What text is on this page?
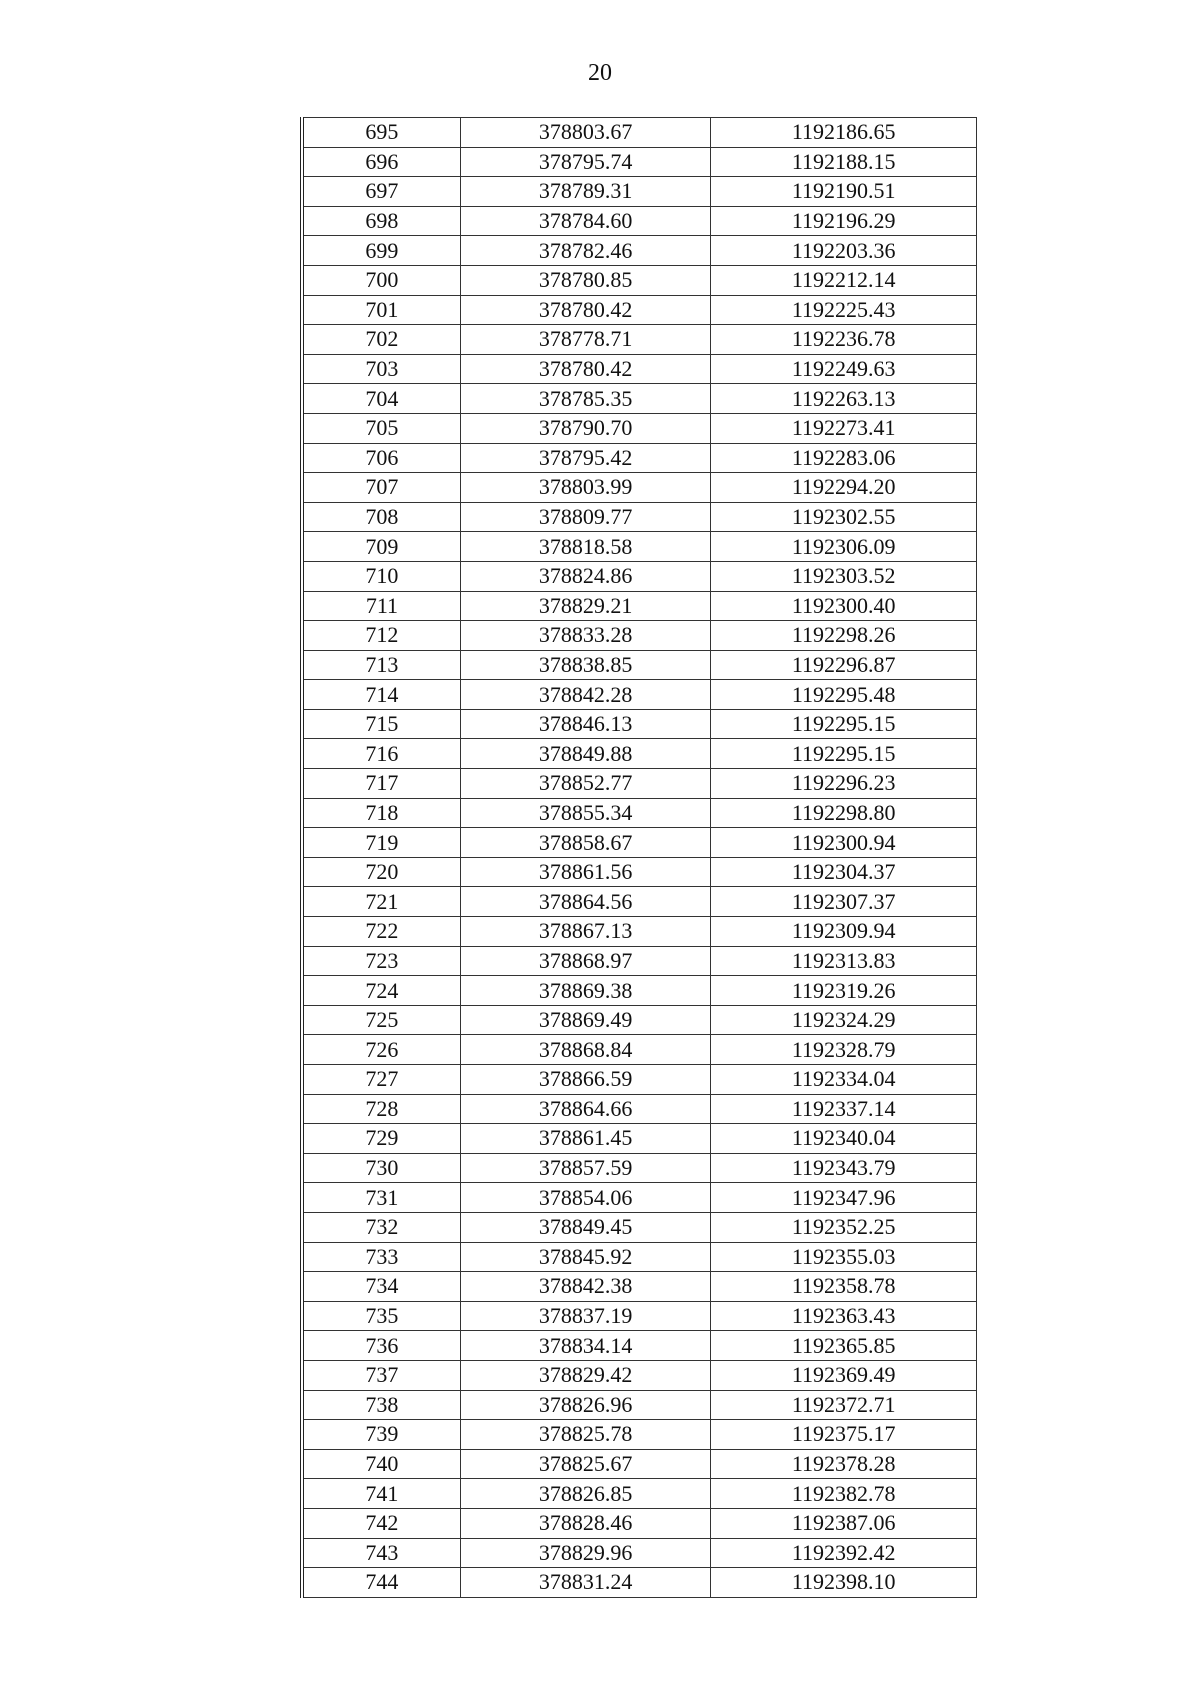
20
695	378803.67	1192186.65
696	378795.74	1192188.15
697	378789.31	1192190.51
698	378784.60	1192196.29
699	378782.46	1192203.36
700	378780.85	1192212.14
701	378780.42	1192225.43
702	378778.71	1192236.78
703	378780.42	1192249.63
704	378785.35	1192263.13
705	378790.70	1192273.41
706	378795.42	1192283.06
707	378803.99	1192294.20
708	378809.77	1192302.55
709	378818.58	1192306.09
710	378824.86	1192303.52
711	378829.21	1192300.40
712	378833.28	1192298.26
713	378838.85	1192296.87
714	378842.28	1192295.48
715	378846.13	1192295.15
716	378849.88	1192295.15
717	378852.77	1192296.23
718	378855.34	1192298.80
719	378858.67	1192300.94
720	378861.56	1192304.37
721	378864.56	1192307.37
722	378867.13	1192309.94
723	378868.97	1192313.83
724	378869.38	1192319.26
725	378869.49	1192324.29
726	378868.84	1192328.79
727	378866.59	1192334.04
728	378864.66	1192337.14
729	378861.45	1192340.04
730	378857.59	1192343.79
731	378854.06	1192347.96
732	378849.45	1192352.25
733	378845.92	1192355.03
734	378842.38	1192358.78
735	378837.19	1192363.43
736	378834.14	1192365.85
737	378829.42	1192369.49
738	378826.96	1192372.71
739	378825.78	1192375.17
740	378825.67	1192378.28
741	378826.85	1192382.78
742	378828.46	1192387.06
743	378829.96	1192392.42
744	378831.24	1192398.10
